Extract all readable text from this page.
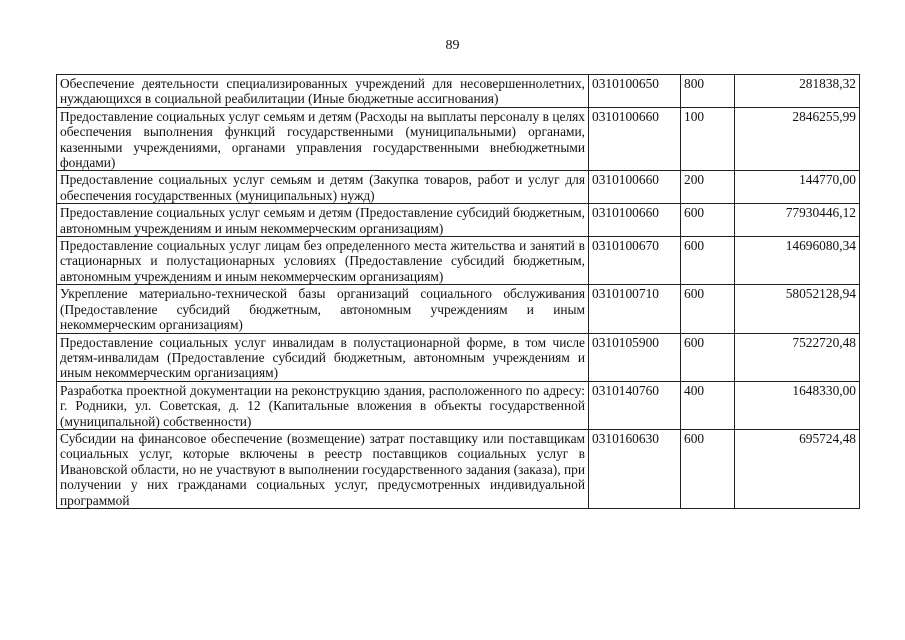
89
Обеспечение деятельности специализированных учреждений для несовершеннолетних, нуждающихся в социальной реабилитации (Иные бюджетные ассигнования)	0310100650	800	281838,32
Предоставление социальных услуг семьям и детям (Расходы на выплаты персоналу в целях обеспечения выполнения функций государственными (муниципальными) органами, казенными учреждениями, органами управления государственными внебюджетными фондами)	0310100660	100	2846255,99
Предоставление социальных услуг семьям и детям (Закупка товаров, работ и услуг для обеспечения государственных (муниципальных) нужд)	0310100660	200	144770,00
Предоставление социальных услуг семьям и детям (Предоставление субсидий бюджетным, автономным учреждениям и иным некоммерческим организациям)	0310100660	600	77930446,12
Предоставление социальных услуг лицам без определенного места жительства и занятий в стационарных и полустационарных условиях (Предоставление субсидий бюджетным, автономным учреждениям и иным некоммерческим организациям)	0310100670	600	14696080,34
Укрепление материально-технической базы организаций социального обслуживания (Предоставление субсидий бюджетным, автономным учреждениям и иным некоммерческим организациям)	0310100710	600	58052128,94
Предоставление социальных услуг инвалидам в полустационарной форме, в том числе детям-инвалидам (Предоставление субсидий бюджетным, автономным учреждениям и иным некоммерческим организациям)	0310105900	600	7522720,48
Разработка проектной документации на реконструкцию здания, расположенного по адресу: г. Родники, ул. Советская, д. 12 (Капитальные вложения в объекты государственной (муниципальной) собственности)	0310140760	400	1648330,00
Субсидии на финансовое обеспечение (возмещение) затрат поставщику или поставщикам социальных услуг, которые включены в реестр поставщиков социальных услуг в Ивановской области, но не участвуют в выполнении государственного задания (заказа), при получении у них гражданами социальных услуг, предусмотренных индивидуальной программой	0310160630	600	695724,48
